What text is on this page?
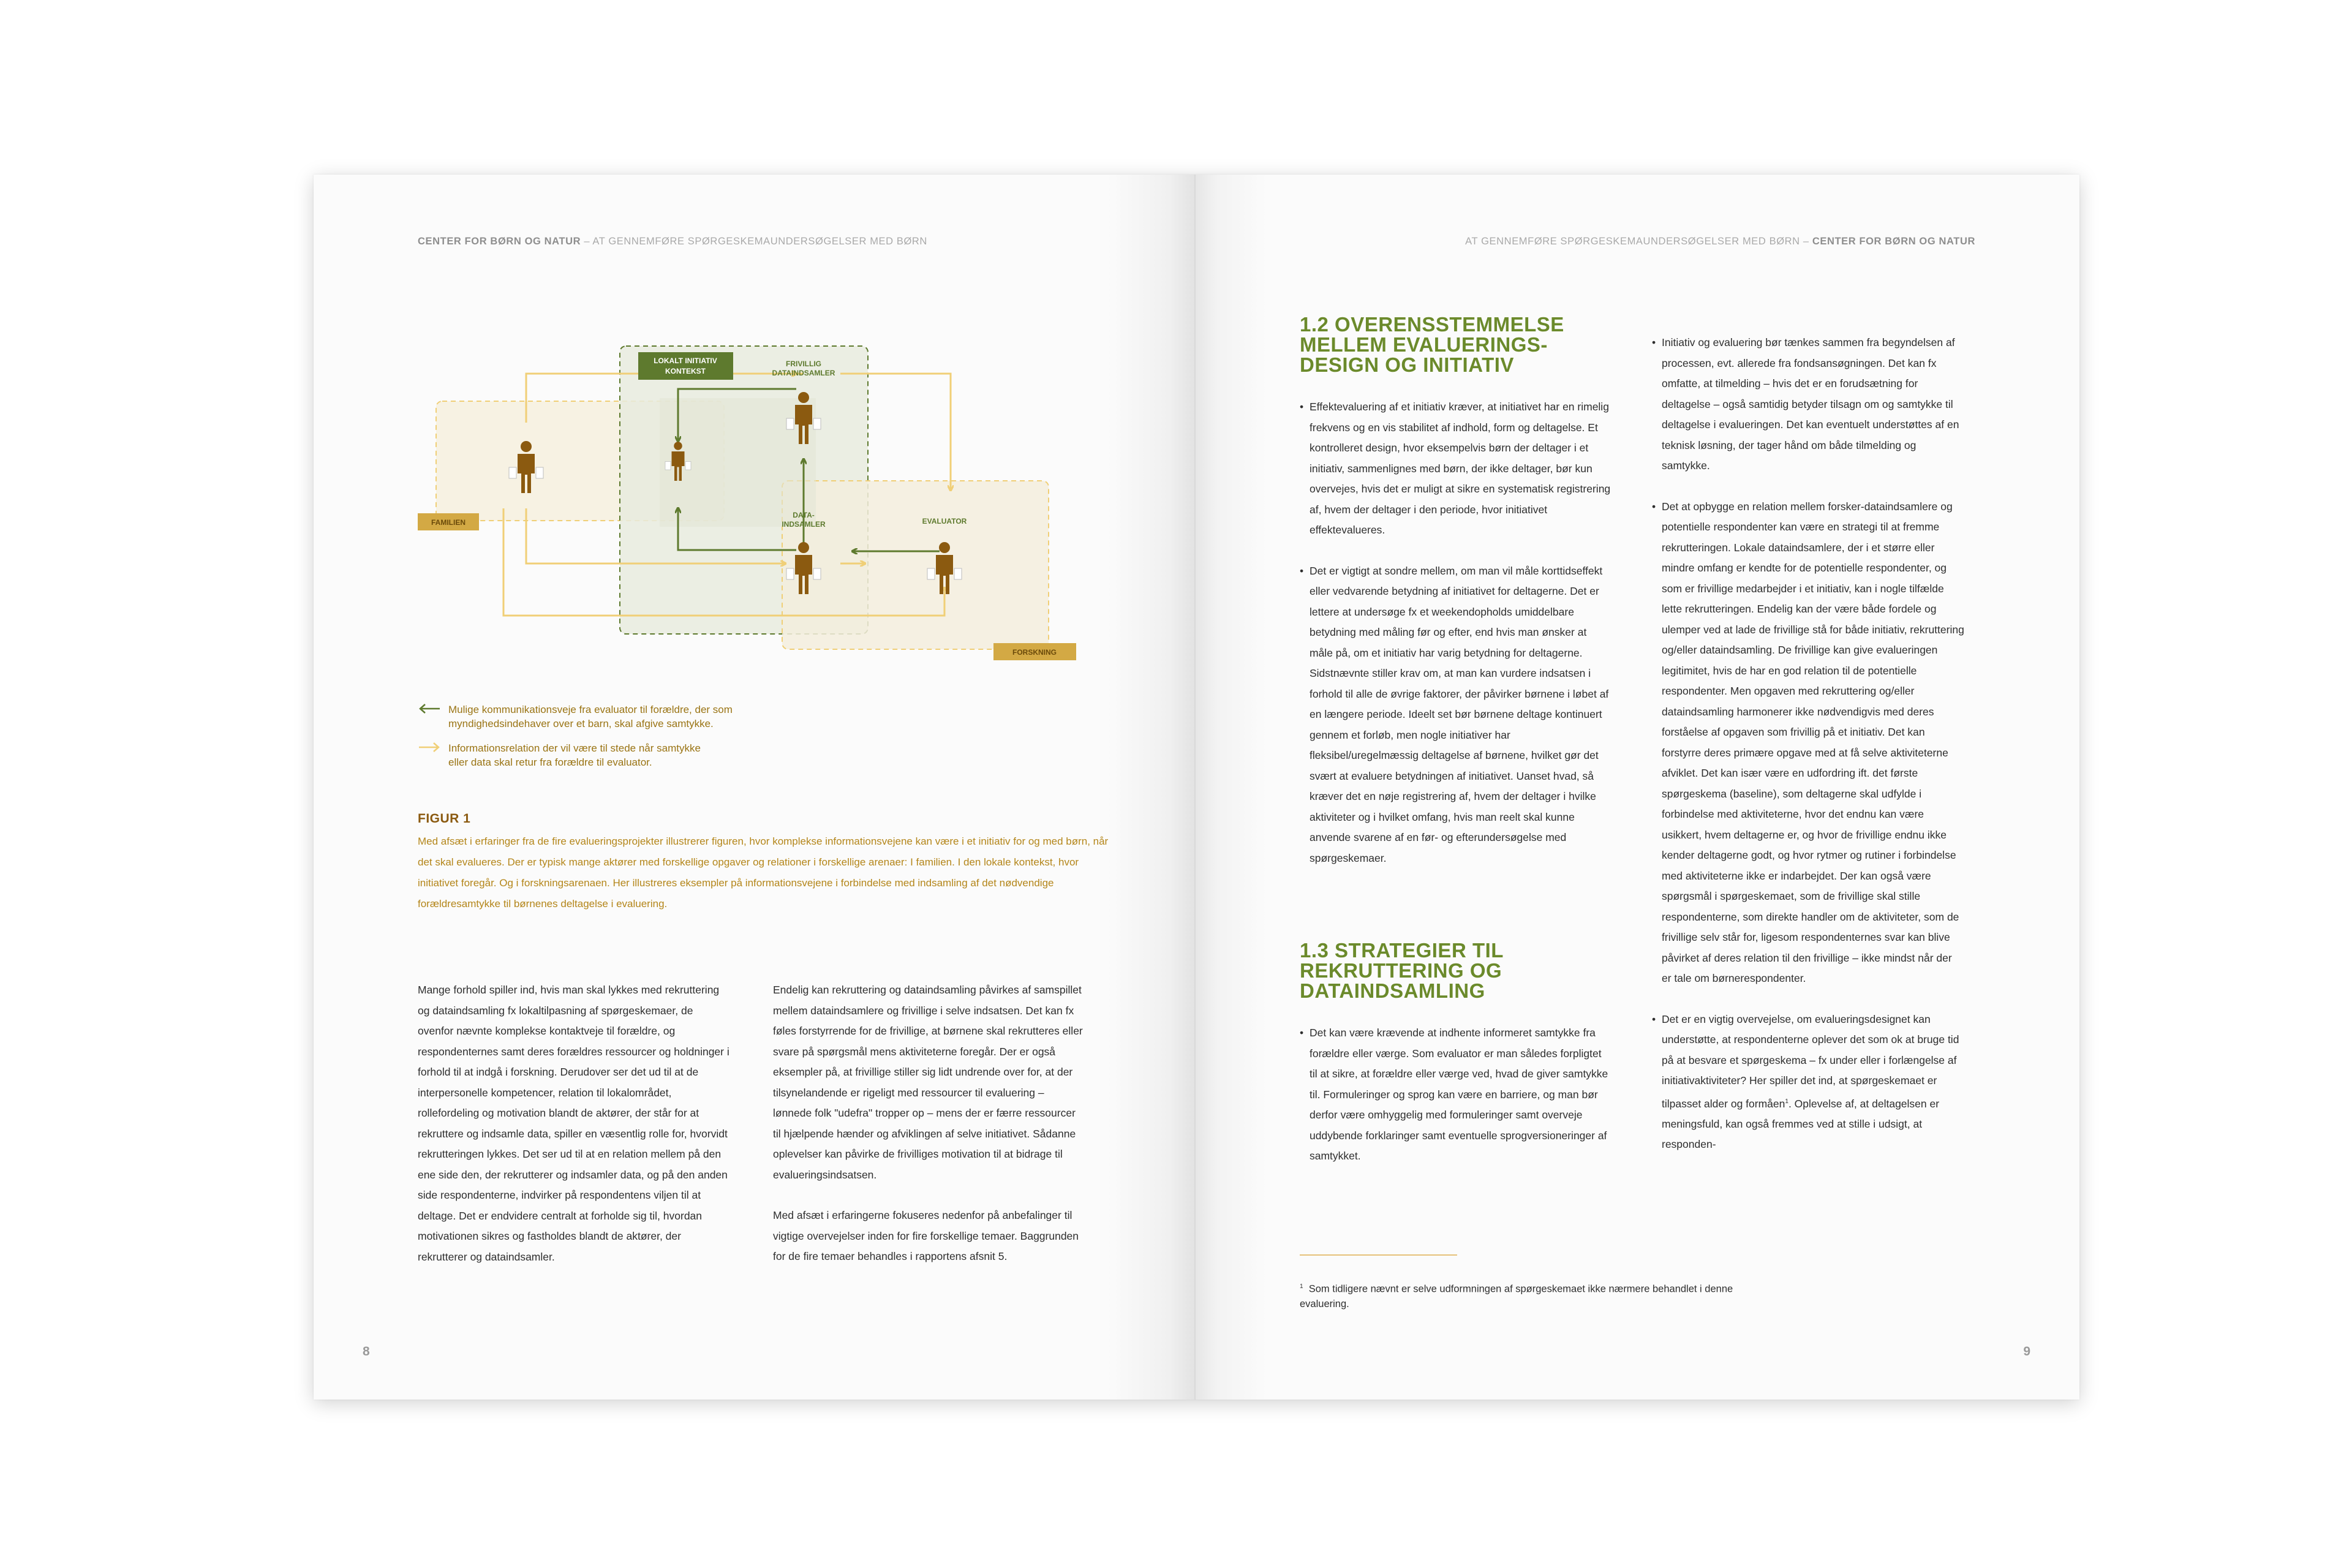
CENTER FOR BØRN OG NATUR – AT GENNEMFØRE SPØRGESKEMAUNDERSØGELSER MED BØRN
LOKALT INITIATIV
KONTEKST
FRIVILLIG
DATAINDSAMLER
DATA-
INDSAMLER	EVALUATOR
FAMILIEN
FORSKNING
Mulige kommunikationsveje fra evaluator til forældre, der som
myndighedsindehaver over et barn, skal afgive samtykke.
Informationsrelation der vil være til stede når samtykke
eller data skal retur fra forældre til evaluator.
FIGUR 1
Med afsæt i erfaringer fra de fire evalueringsprojekter illustrerer figuren, hvor komplekse informationsvejene kan være i et initiativ for og med børn, når det skal evalueres. Der er typisk mange aktører med forskellige opgaver og relationer i forskellige arenaer: I familien. I den lokale kontekst, hvor initiativet foregår. Og i forskningsarenaen. Her illustreres eksempler på informationsvejene i forbindelse med indsamling af det nødvendige forældresamtykke til børnenes deltagelse i evaluering.

Mange forhold spiller ind, hvis man skal lykkes med rekruttering og dataindsamling fx lokaltilpasning af spørgeskemaer, de ovenfor nævnte komplekse kontaktveje til forældre, og respondenternes samt deres forældres ressourcer og holdninger i forhold til at indgå i forskning. Derudover ser det ud til at de interpersonelle kompetencer, relation til lokalområdet, rollefordeling og motivation blandt de aktører, der står for at rekruttere og indsamle data, spiller en væsentlig rolle for, hvorvidt rekrutteringen lykkes. Det ser ud til at en relation mellem på den ene side den, der rekrutterer og indsamler data, og på den anden side respondenterne, indvirker på respondentens viljen til at deltage. Det er endvidere centralt at forholde sig til, hvordan motivationen sikres og fastholdes blandt de aktører, der rekrutterer og dataindsamler.

Endelig kan rekruttering og dataindsamling påvirkes af samspillet mellem dataindsamlere og frivillige i selve indsatsen. Det kan fx føles forstyrrende for de frivillige, at børnene skal rekrutteres eller svare på spørgsmål mens aktiviteterne foregår. Der er også eksempler på, at frivillige stiller sig lidt undrende over for, at der tilsynelandende er rigeligt med ressourcer til evaluering – lønnede folk "udefra" tropper op – mens der er færre ressourcer til hjælpende hænder og afviklingen af selve initiativet. Sådanne oplevelser kan påvirke de frivilliges motivation til at bidrage til evalueringsindsatsen.

Med afsæt i erfaringerne fokuseres nedenfor på anbefalinger til vigtige overvejelser inden for fire forskellige temaer. Baggrunden for de fire temaer behandles i rapportens afsnit 5.

8
AT GENNEMFØRE SPØRGESKEMAUNDERSØGELSER MED BØRN – CENTER FOR BØRN OG NATUR
1.2 OVERENSSTEMMELSE MELLEM EVALUERINGS-DESIGN OG INITIATIV
• Effektevaluering af et initiativ kræver, at initiativet har en rimelig frekvens og en vis stabilitet af indhold, form og deltagelse. Et kontrolleret design, hvor eksempelvis børn der deltager i et initiativ, sammenlignes med børn, der ikke deltager, bør kun overvejes, hvis det er muligt at sikre en systematisk registrering af, hvem der deltager i den periode, hvor initiativet effektevalueres.
• Det er vigtigt at sondre mellem, om man vil måle korttidseffekt eller vedvarende betydning af initiativet for deltagerne. Det er lettere at undersøge fx et weekendopholds umiddelbare betydning med måling før og efter, end hvis man ønsker at måle på, om et initiativ har varig betydning for deltagerne. Sidstnævnte stiller krav om, at man kan vurdere indsatsen i forhold til alle de øvrige faktorer, der påvirker børnene i løbet af en længere periode. Ideelt set bør børnene deltage kontinuert gennem et forløb, men nogle initiativer har fleksibel/uregelmæssig deltagelse af børnene, hvilket gør det svært at evaluere betydningen af initiativet. Uanset hvad, så kræver det en nøje registrering af, hvem der deltager i hvilke aktiviteter og i hvilket omfang, hvis man reelt skal kunne anvende svarene af en før- og efterundersøgelse med spørgeskemaer.
1.3 STRATEGIER TIL REKRUTTERING OG DATAINDSAMLING
• Det kan være krævende at indhente informeret samtykke fra forældre eller værge. Som evaluator er man således forpligtet til at sikre, at forældre eller værge ved, hvad de giver samtykke til. Formuleringer og sprog kan være en barriere, og man bør derfor være omhyggelig med formuleringer samt overveje uddybende forklaringer samt eventuelle sprogversioneringer af samtykket.
• Initiativ og evaluering bør tænkes sammen fra begyndelsen af processen, evt. allerede fra fondsansøgningen. Det kan fx omfatte, at tilmelding – hvis det er en forudsætning for deltagelse – også samtidig betyder tilsagn om og samtykke til deltagelse i evalueringen. Det kan eventuelt understøttes af en teknisk løsning, der tager hånd om både tilmelding og samtykke.
• Det at opbygge en relation mellem forsker-dataindsamlere og potentielle respondenter kan være en strategi til at fremme rekrutteringen. Lokale dataindsamlere, der i et større eller mindre omfang er kendte for de potentielle respondenter, og som er frivillige medarbejder i et initiativ, kan i nogle tilfælde lette rekrutteringen. Endelig kan der være både fordele og ulemper ved at lade de frivillige stå for både initiativ, rekruttering og/eller dataindsamling. De frivillige kan give evalueringen legitimitet, hvis de har en god relation til de potentielle respondenter. Men opgaven med rekruttering og/eller dataindsamling harmonerer ikke nødvendigvis med deres forståelse af opgaven som frivillig på et initiativ. Det kan forstyrre deres primære opgave med at få selve aktiviteterne afviklet. Det kan især være en udfordring ift. det første spørgeskema (baseline), som deltagerne skal udfylde i forbindelse med aktiviteterne, hvor det endnu kan være usikkert, hvem deltagerne er, og hvor de frivillige endnu ikke kender deltagerne godt, og hvor rytmer og rutiner i forbindelse med aktiviteterne ikke er indarbejdet. Der kan også være spørgsmål i spørgeskemaet, som de frivillige skal stille respondenterne, som direkte handler om de aktiviteter, som de frivillige selv står for, ligesom respondenternes svar kan blive påvirket af deres relation til den frivillige – ikke mindst når der er tale om børnerespondenter.
• Det er en vigtig overvejelse, om evalueringsdesignet kan understøtte, at respondenterne oplever det som ok at bruge tid på at besvare et spørgeskema – fx under eller i forlængelse af initiativaktiviteter? Her spiller det ind, at spørgeskemaet er tilpasset alder og formåen$^1$. Oplevelse af, at deltagelsen er meningsfuld, kan også fremmes ved at stille i udsigt, at responden-
$^1$ Som tidligere nævnt er selve udformningen af spørgeskemaet ikke nærmere behandlet i denne evaluering.
9
